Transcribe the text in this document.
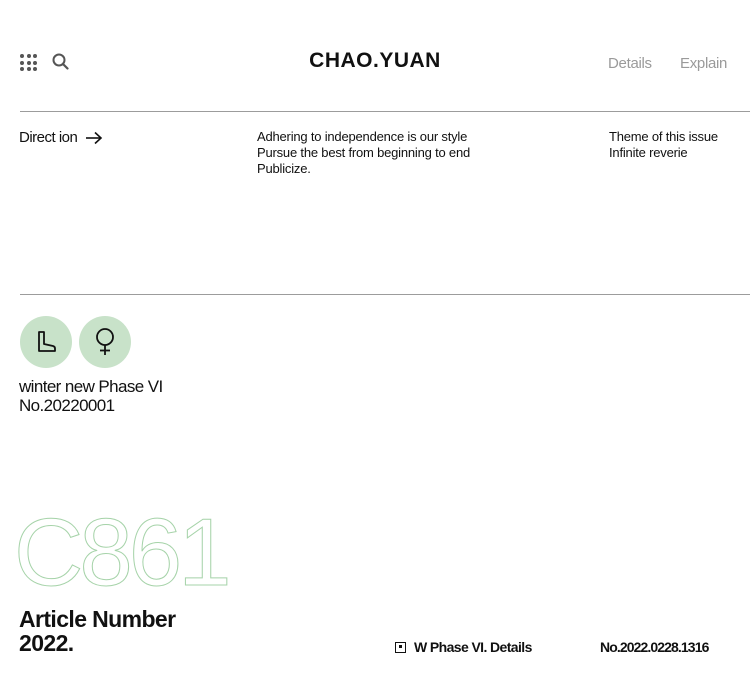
CHAO.YUAN	Details Explain
Direct ion	Adhering to independence is our style
Pursue the best from beginning to end
Publicize.
Theme of this issue
Infinite reverie
winter new Phase VI
No.20220001
C861
Article Number
2022.	W Phase VI. Details	No.2022.0228.1316
